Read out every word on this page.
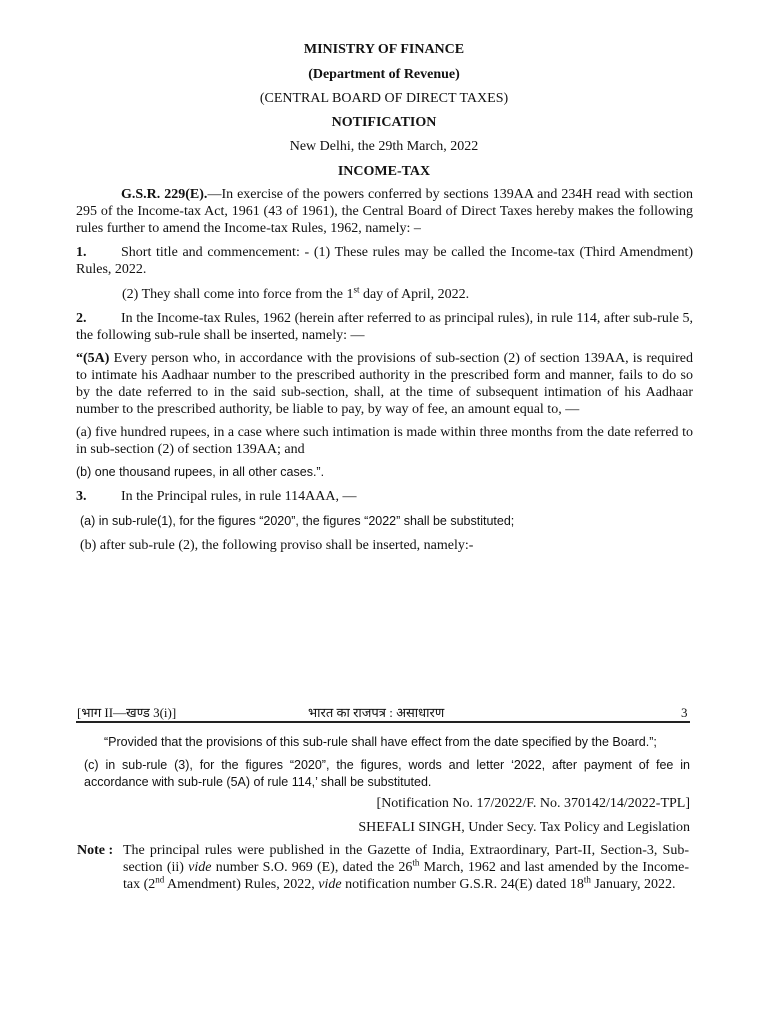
MINISTRY OF FINANCE
(Department of Revenue)
(CENTRAL BOARD OF DIRECT TAXES)
NOTIFICATION
New Delhi, the 29th March, 2022
INCOME-TAX
G.S.R. 229(E).—In exercise of the powers conferred by sections 139AA and 234H read with section 295 of the Income-tax Act, 1961 (43 of 1961), the Central Board of Direct Taxes hereby makes the following rules further to amend the Income-tax Rules, 1962, namely: –
1. Short title and commencement: - (1) These rules may be called the Income-tax (Third Amendment) Rules, 2022.
(2) They shall come into force from the 1st day of April, 2022.
2. In the Income-tax Rules, 1962 (herein after referred to as principal rules), in rule 114, after sub-rule 5, the following sub-rule shall be inserted, namely: —
“(5A) Every person who, in accordance with the provisions of sub-section (2) of section 139AA, is required to intimate his Aadhaar number to the prescribed authority in the prescribed form and manner, fails to do so by the date referred to in the said sub-section, shall, at the time of subsequent intimation of his Aadhaar number to the prescribed authority, be liable to pay, by way of fee, an amount equal to, —
(a) five hundred rupees, in a case where such intimation is made within three months from the date referred to in sub-section (2) of section 139AA; and
(b) one thousand rupees, in all other cases.”.
3. In the Principal rules, in rule 114AAA, —
(a) in sub-rule(1), for the figures “2020”, the figures “2022” shall be substituted;
(b) after sub-rule (2), the following proviso shall be inserted, namely:-
[भाग II—खण्ड 3(i)]	भारत का राजपत्र : असाधारण	3
“Provided that the provisions of this sub-rule shall have effect from the date specified by the Board.”;
(c) in sub-rule (3), for the figures “2020”, the figures, words and letter ‘2022, after payment of fee in accordance with sub-rule (5A) of rule 114,’ shall be substituted.
[Notification No. 17/2022/F. No. 370142/14/2022-TPL]
SHEFALI SINGH, Under Secy. Tax Policy and Legislation
Note : The principal rules were published in the Gazette of India, Extraordinary, Part-II, Section-3, Sub-section (ii) vide number S.O. 969 (E), dated the 26th March, 1962 and last amended by the Income-tax (2nd Amendment) Rules, 2022, vide notification number G.S.R. 24(E) dated 18th January, 2022.
